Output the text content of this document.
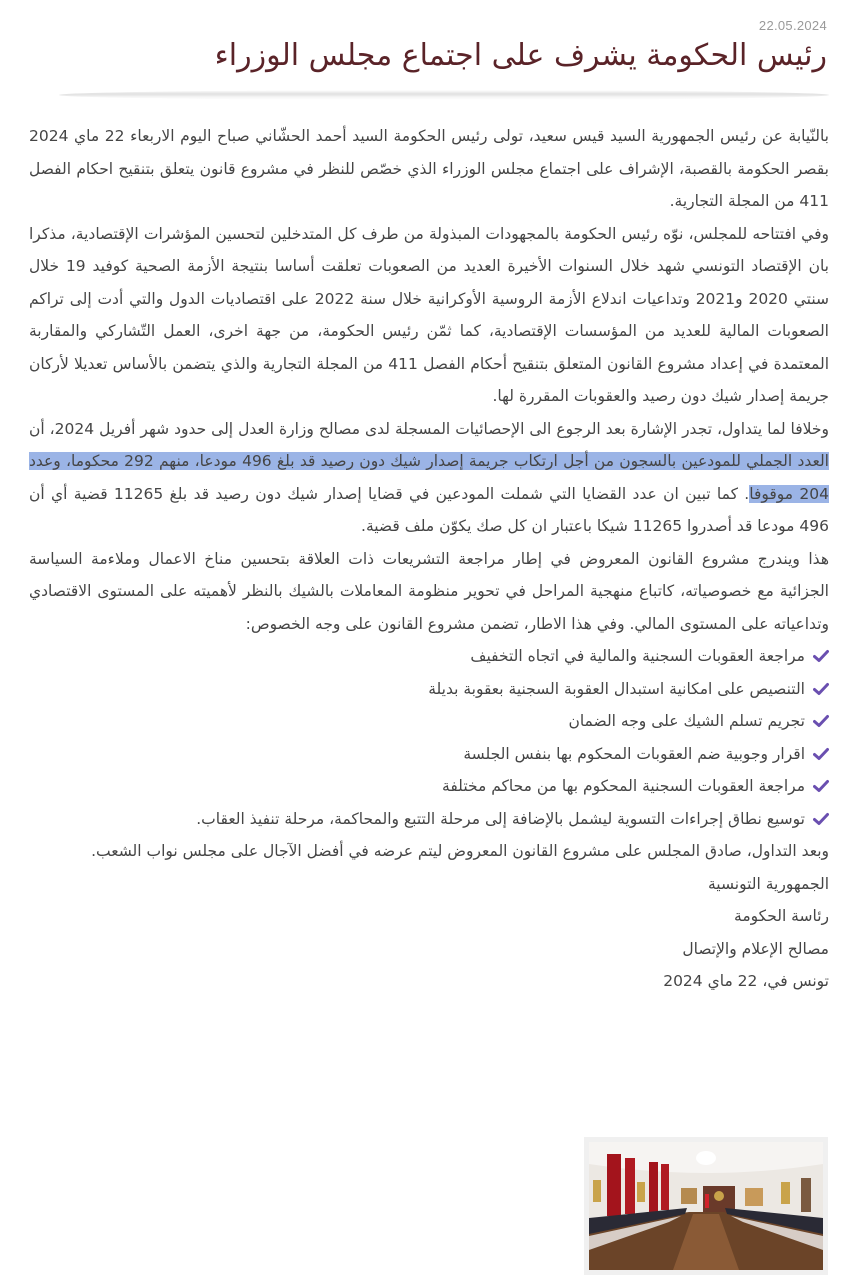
22.05.2024
رئيس الحكومة يشرف على اجتماع مجلس الوزراء

بالنّيابة عن رئيس الجمهورية السيد قيس سعيد، تولى رئيس الحكومة السيد أحمد الحشّاني صباح اليوم الاربعاء 22 ماي 2024 بقصر الحكومة بالقصبة، الإشراف على اجتماع مجلس الوزراء الذي خصّص للنظر في مشروع قانون يتعلق بتنقيح احكام الفصل 411 من المجلة التجارية.

وفي افتتاحه للمجلس، نوّه رئيس الحكومة بالمجهودات المبذولة من طرف كل المتدخلين لتحسين المؤشرات الإقتصادية، مذكرا بان الإقتصاد التونسي شهد خلال السنوات الأخيرة العديد من الصعوبات تعلقت أساسا بنتيجة الأزمة الصحية كوفيد 19 خلال سنتي 2020 و2021 وتداعيات اندلاع الأزمة الروسية الأوكرانية خلال سنة 2022 على اقتصاديات الدول والتي أدت إلى تراكم الصعوبات المالية للعديد من المؤسسات الإقتصادية، كما ثمّن رئيس الحكومة، من جهة اخرى، العمل التّشاركي والمقاربة المعتمدة في إعداد مشروع القانون المتعلق بتنقيح أحكام الفصل 411 من المجلة التجارية والذي يتضمن بالأساس تعديلا لأركان جريمة إصدار شيك دون رصيد والعقوبات المقررة لها.

وخلافا لما يتداول، تجدر الإشارة بعد الرجوع الى الإحصائيات المسجلة لدى مصالح وزارة العدل إلى حدود شهر أفريل 2024، أن العدد الجملي للمودعين بالسجون من أجل ارتكاب جريمة إصدار شيك دون رصيد قد بلغ 496 مودعا، منهم 292 محكوما، وعدد 204 موقوفا. كما تبين ان عدد القضايا التي شملت المودعين في قضايا إصدار شيك دون رصيد قد بلغ 11265 قضية أي أن 496 مودعا قد أصدروا 11265 شيكا باعتبار ان كل صك يكوّن ملف قضية.

هذا ويندرج مشروع القانون المعروض في إطار مراجعة التشريعات ذات العلاقة بتحسين مناخ الاعمال وملاءمة السياسة الجزائية مع خصوصياته، كاتباع منهجية المراحل في تحوير منظومة المعاملات بالشيك بالنظر لأهميته على المستوى الاقتصادي وتداعياته على المستوى المالي. وفي هذا الاطار، تضمن مشروع القانون على وجه الخصوص:

مراجعة العقوبات السجنية والمالية في اتجاه التخفيف
التنصيص على امكانية استبدال العقوبة السجنية بعقوبة بديلة
تجريم تسلم الشيك على وجه الضمان
اقرار وجوبية ضم العقوبات المحكوم بها بنفس الجلسة
مراجعة العقوبات السجنية المحكوم بها من محاكم مختلفة
توسيع نطاق إجراءات التسوية ليشمل بالإضافة إلى مرحلة التتبع والمحاكمة، مرحلة تنفيذ العقاب.

وبعد التداول، صادق المجلس على مشروع القانون المعروض ليتم عرضه في أفضل الآجال على مجلس نواب الشعب.

الجمهورية التونسية

رئاسة الحكومة

مصالح الإعلام والإتصال

تونس في، 22 ماي 2024
